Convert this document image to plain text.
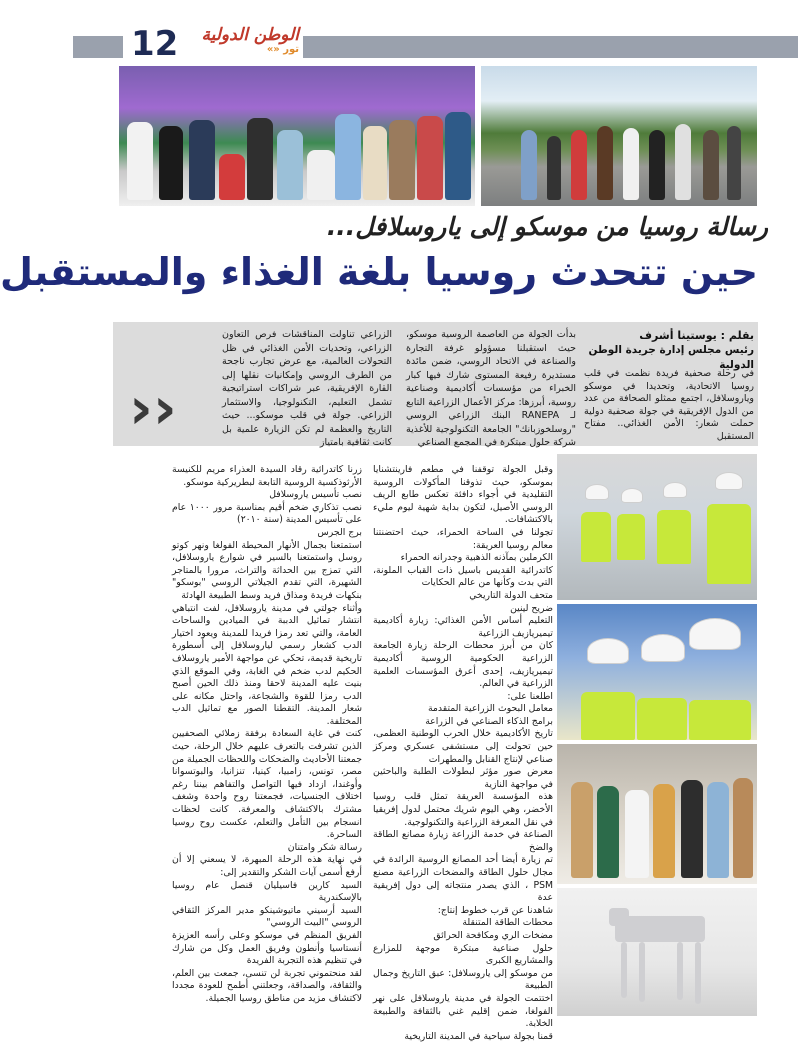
12	الوطن الدولية
تور «»
رسالة روسيا من موسكو إلى ياروسلافل...
حين تتحدث روسيا بلغة الغذاء والمستقبل
‹‹
بقلم : يوستينا أشرف
رئيس مجلس إدارة جريدة الوطن الدولية
في رحلة صحفية فريدة نظمت في قلب روسيا الاتحادية، وتحديدا في موسكو وياروسلافل، اجتمع ممثلو الصحافة من عدد من الدول الإفريقية في جولة صحفية دولية حملت شعار: الأمن الغذائي.. مفتاح المستقبل
بدأت الجولة من العاصمة الروسية موسكو، حيث استقبلنا مسؤولو غرفة التجارة والصناعة في الاتحاد الروسي، ضمن مائدة مستديرة رفيعة المستوى شارك فيها كبار الخبراء من مؤسسات أكاديمية وصناعية روسية، أبرزها: مركز الأعمال الزراعية التابع لـ RANEPA البنك الزراعي الروسي "روسلخوزبانك" الجامعة التكنولوجية للأغذية شركة حلول مبتكرة في المجمع الصناعي
الزراعي تناولت المناقشات فرص التعاون الزراعي، وتحديات الأمن الغذائي في ظل التحولات العالمية، مع عرض تجارب ناجحة من الطرف الروسي وإمكانيات نقلها إلى القارة الإفريقية، عبر شراكات استراتيجية تشمل التعليم، التكنولوجيا، والاستثمار الزراعي. جولة في قلب موسكو... حيث التاريخ والعظمة لم تكن الزيارة علمية بل كانت ثقافية بامتياز

وقبل الجولة توقفنا في مطعم فارينتشنايا بموسكو، حيث تذوقنا المأكولات الروسية التقليدية في أجواء دافئة تعكس طابع الريف الروسي الأصيل، لتكون بداية شهية ليوم مليء بالاكتشافات.

تجولنا في الساحة الحمراء، حيث احتضنتنا معالم روسيا العريقة:

الكرملين بمآذنه الذهبية وجدرانه الحمراء

كاتدرائية القديس باسيل ذات القباب الملونة، التي بدت وكأنها من عالم الحكايات

متحف الدولة التاريخي

ضريح لينين

التعليم أساس الأمن الغذائي: زيارة أكاديمية تيميريازيف الزراعية

كان من أبرز محطات الرحلة زيارة الجامعة الزراعية الحكومية الروسية أكاديمية تيميريازيف، إحدى أعرق المؤسسات العلمية الزراعية في العالم.

اطلعنا على:

معامل البحوث الزراعية المتقدمة

برامج الذكاء الصناعي في الزراعة

تاريخ الأكاديمية خلال الحرب الوطنية العظمى، حين تحولت إلى مستشفى عسكري ومركز صناعي لإنتاج القنابل والمطهرات

معرض صور مؤثر لبطولات الطلبة والباحثين في مواجهة النازية

هذه المؤسسة العريقة تمثل قلب روسيا الأخضر، وهي اليوم شريك محتمل لدول إفريقيا في نقل المعرفة الزراعية والتكنولوجية.

الصناعة في خدمة الزراعة زيارة مصانع الطاقة والضخ

تم زيارة أيضا أحد المصانع الروسية الرائدة في مجال حلول الطاقة والمضخات الزراعية مصنع PSM ، الذي يصدر منتجاته إلى دول إفريقية عدة

شاهدنا عن قرب خطوط إنتاج:

محطات الطاقة المتنقلة

مضخات الري ومكافحة الحرائق

حلول صناعية مبتكرة موجهة للمزارع والمشاريع الكبرى

من موسكو إلى ياروسلافل: عبق التاريخ وجمال الطبيعة

اختتمت الجولة في مدينة ياروسلافل على نهر الفولغا، ضمن إقليم غني بالثقافة والطبيعة الخلابة.

قمنا بجولة سياحية في المدينة التاريخية

زرنا كاتدرائية رقاد السيدة العذراء مريم للكنيسة الأرثوذكسية الروسية التابعة لبطريركية موسكو.

نصب تأسيس ياروسلافل

نصب تذكاري ضخم أقيم بمناسبة مرور ١٠٠٠ عام على تأسيس المدينة (سنة ٢٠١٠)

برج الجرس

استمتعنا بجمال الأنهار المحيطة الفولغا ونهر كوتو روسل واستمتعنا بالسير في شوارع ياروسلافل، التي تمزج بين الحداثة والتراث، مرورا بالمتاجر الشهيرة، التي تقدم الجيلاتي الروسي "بوسكو" بنكهات فريدة ومذاق فريد وسط الطبيعة الهادئة

وأثناء جولتي في مدينة ياروسلافل، لفت انتباهي انتشار تماثيل الدببة في الميادين والساحات العامة، والتي تعد رمزا فريدا للمدينة ويعود اختيار الدب كشعار رسمي لياروسلافل إلى أسطورة تاريخية قديمة، تحكي عن مواجهة الأمير ياروسلاف الحكيم لدب ضخم في الغابة، وفي الموقع الذي بنيت عليه المدينة لاحقا ومنذ ذلك الحين أصبح الدب رمزا للقوة والشجاعة، واحتل مكانه على شعار المدينة. التقطنا الصور مع تماثيل الدب المختلفة.

كنت في غاية السعادة برفقة زملائي الصحفيين الذين تشرفت بالتعرف عليهم خلال الرحلة، حيث جمعتنا الأحاديث والضحكات واللحظات الجميلة من مصر، تونس، زامبيا، كينيا، تنزانيا، والبوتسوانا وأوغندا، ازداد فيها التواصل والتفاهم بيننا رغم اختلاف الجنسيات، فجمعتنا روح واحدة وشغف مشترك بالاكتشاف والمعرفة. كانت لحظات انسجام بين التأمل والتعلم، عكست روح روسيا الساحرة.

رسالة شكر وامتنان

في نهاية هذه الرحلة المبهرة، لا يسعني إلا أن أرفع أسمى آيات الشكر والتقدير إلى:

السيد كارين فاسيليان قنصل عام روسيا بالإسكندرية

السيد أرسيني ماتيوشينكو مدير المركز الثقافي الروسي "البيت الروسي"

الفريق المنظم في موسكو وعلى رأسه العزيزة أنستاسيا وأنطون وفريق العمل وكل من شارك في تنظيم هذه التجربة الفريدة

لقد منحتموني تجربة لن تنسى، جمعت بين العلم، والثقافة، والصداقة، وجعلتني أطمح للعودة مجددا لاكتشاف مزيد من مناطق روسيا الجميلة.
